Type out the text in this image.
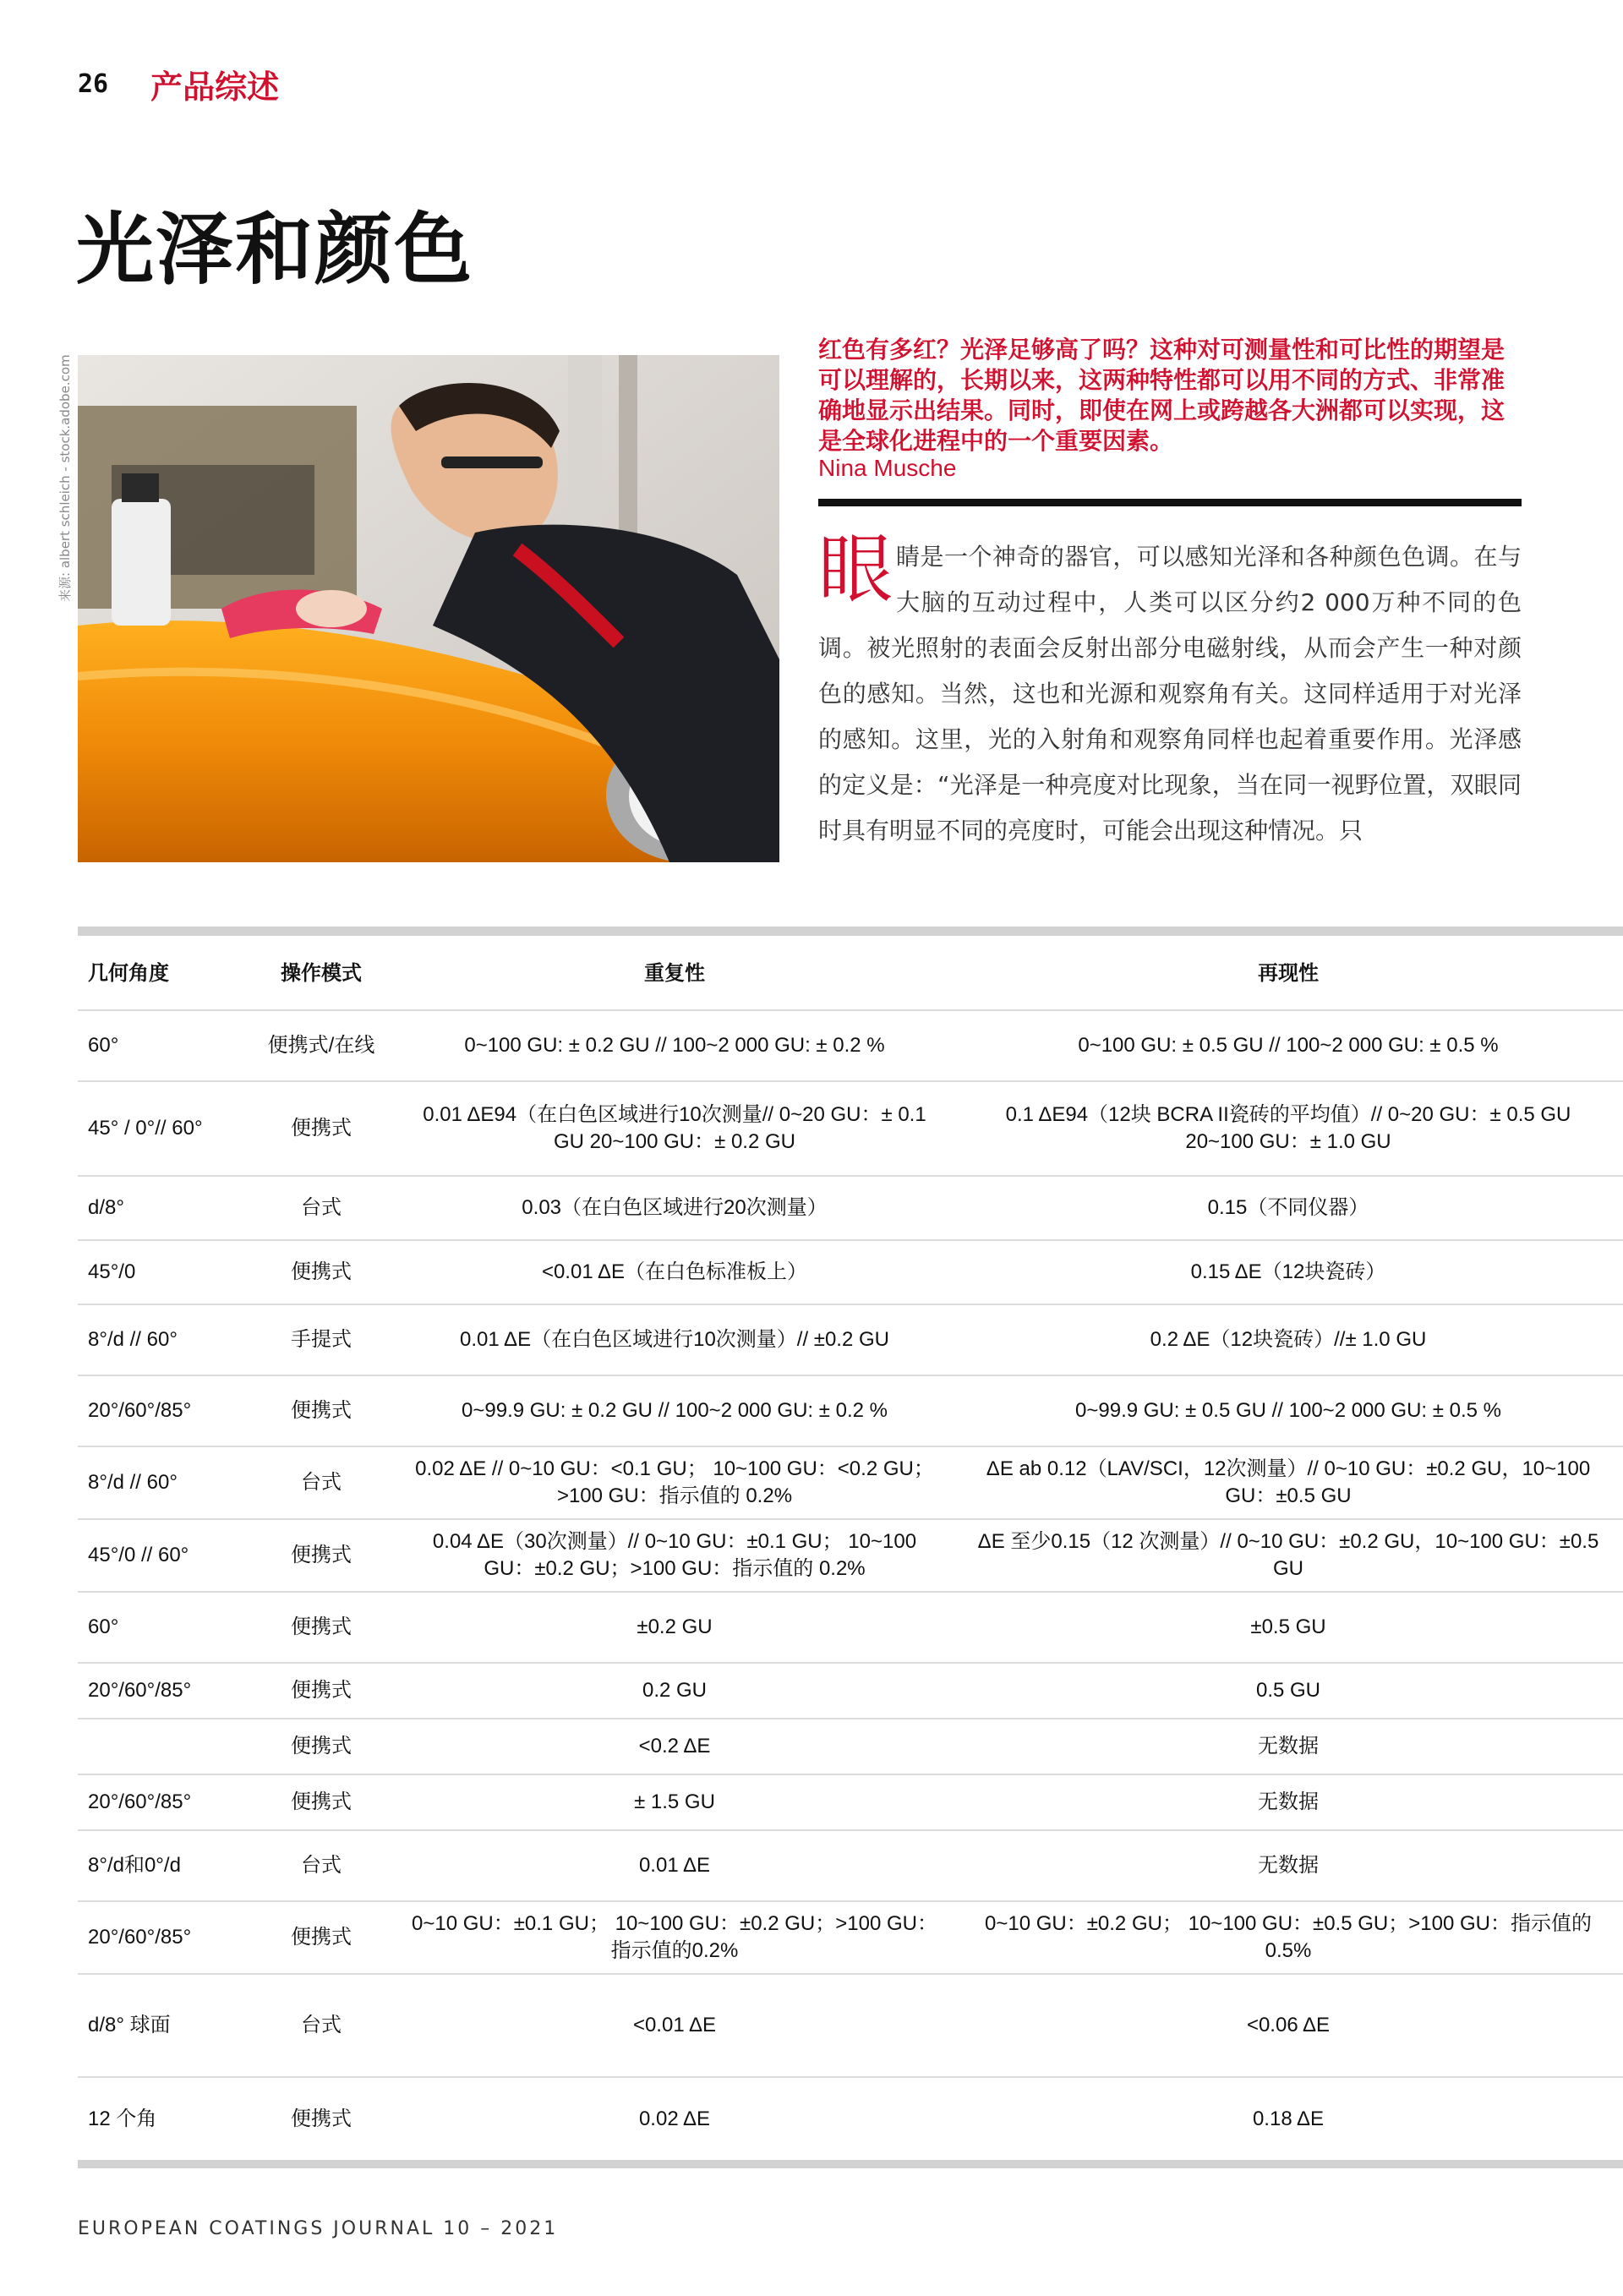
26 产品综述
光泽和颜色
来源: albert schleich - stock.adobe.com
红色有多红？光泽足够高了吗？这种对可测量性和可比性的期望是可以理解的，长期以来，这两种特性都可以用不同的方式、非常准确地显示出结果。同时，即使在网上或跨越各大洲都可以实现，这是全球化进程中的一个重要因素。
Nina Musche
眼 睛是一个神奇的器官，可以感知光泽和各种颜色色调。在与大脑的互动过程中，人类可以区分约2 000万种不同的色调。被光照射的表面会反射出部分电磁射线，从而会产生一种对颜色的感知。当然，这也和光源和观察角有关。这同样适用于对光泽的感知。这里，光的入射角和观察角同样也起着重要作用。光泽感的定义是：“光泽是一种亮度对比现象，当在同一视野位置，双眼同时具有明显不同的亮度时，可能会出现这种情况。只
几何角度	操作模式	重复性	再现性
60°	便携式/在线	0~100 GU: ± 0.2 GU // 100~2 000 GU: ± 0.2 %	0~100 GU: ± 0.5 GU // 100~2 000 GU: ± 0.5 %
45° / 0°// 60°	便携式	0.01 ΔE94（在白色区域进行10次测量// 0~20 GU：± 0.1 GU 20~100 GU：± 0.2 GU	0.1 ΔE94（12块 BCRA II瓷砖的平均值）// 0~20 GU：± 0.5 GU 20~100 GU：± 1.0 GU
d/8°	台式	0.03（在白色区域进行20次测量）	0.15（不同仪器）
45°/0	便携式	<0.01 ΔE（在白色标准板上）	0.15 ΔE（12块瓷砖）
8°/d // 60°	手提式	0.01 ΔE（在白色区域进行10次测量）// ±0.2 GU	0.2 ΔE（12块瓷砖）//± 1.0 GU
20°/60°/85°	便携式	0~99.9 GU: ± 0.2 GU // 100~2 000 GU: ± 0.2 %	0~99.9 GU: ± 0.5 GU // 100~2 000 GU: ± 0.5 %
8°/d // 60°	台式	0.02 ΔE // 0~10 GU：<0.1 GU； 10~100 GU：<0.2 GU； >100 GU：指示值的 0.2%	ΔE ab 0.12（LAV/SCI，12次测量）// 0~10 GU：±0.2 GU，10~100 GU：±0.5 GU
45°/0 // 60°	便携式	0.04 ΔE（30次测量）// 0~10 GU：±0.1 GU； 10~100 GU：±0.2 GU；>100 GU：指示值的 0.2%	ΔE 至少0.15（12 次测量）// 0~10 GU：±0.2 GU，10~100 GU：±0.5 GU
60°	便携式	±0.2 GU	±0.5 GU
20°/60°/85°	便携式	0.2 GU	0.5 GU
	便携式	<0.2 ΔE	无数据
20°/60°/85°	便携式	± 1.5 GU	无数据
8°/d和0°/d	台式	0.01 ΔE	无数据
20°/60°/85°	便携式	0~10 GU：±0.1 GU； 10~100 GU：±0.2 GU；>100 GU：指示值的0.2%	0~10 GU：±0.2 GU； 10~100 GU：±0.5 GU；>100 GU：指示值的0.5%
d/8° 球面	台式	<0.01 ΔE	<0.06 ΔE
12 个角	便携式	0.02 ΔE	0.18 ΔE
EUROPEAN COATINGS JOURNAL 10 – 2021
